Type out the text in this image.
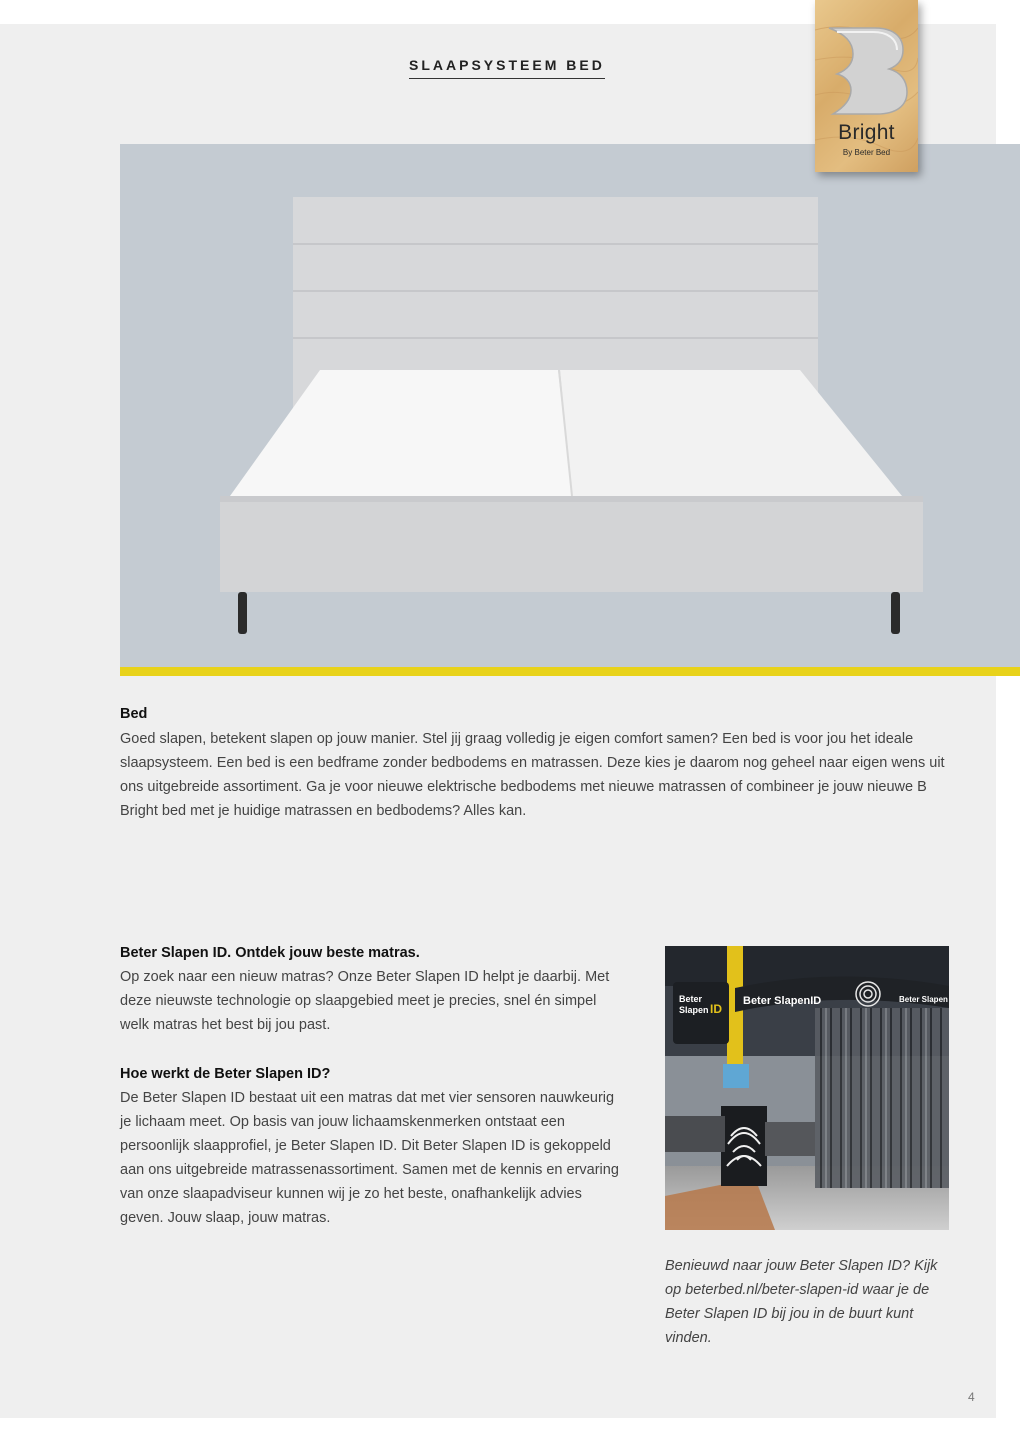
SLAAPSYSTEEM BED
Bright
By Beter Bed
Bed

Goed slapen, betekent slapen op jouw manier. Stel jij graag volledig je eigen comfort samen? Een bed is voor jou het ideale slaapsysteem. Een bed is een bedframe zonder bedbodems en matrassen. Deze kies je daarom nog geheel naar eigen wens uit ons uitgebreide assortiment. Ga je voor nieuwe elektrische bedbodems met nieuwe matrassen of combineer je jouw nieuwe B Bright bed met je huidige matrassen en bedbodems? Alles kan.

Beter Slapen ID. Ontdek jouw beste matras.

Op zoek naar een nieuw matras? Onze Beter Slapen ID helpt je daarbij. Met deze nieuwste technologie op slaapgebied meet je precies, snel én simpel welk matras het best bij jou past.

Hoe werkt de Beter Slapen ID?

De Beter Slapen ID bestaat uit een matras dat met vier sensoren nauwkeurig je lichaam meet. Op basis van jouw lichaamskenmerken ontstaat een persoonlijk slaapprofiel, je Beter Slapen ID. Dit Beter Slapen ID is gekoppeld aan ons uitgebreide matrassenassortiment. Samen met de kennis en ervaring van onze slaapadviseur kunnen wij je zo het beste, onafhankelijk advies geven. Jouw slaap, jouw matras.

Beter
Slapen ID
Beter SlapenID	Beter Slapen

Benieuwd naar jouw Beter Slapen ID? Kijk op beterbed.nl/beter-slapen-id waar je de Beter Slapen ID bij jou in de buurt kunt vinden.

4
